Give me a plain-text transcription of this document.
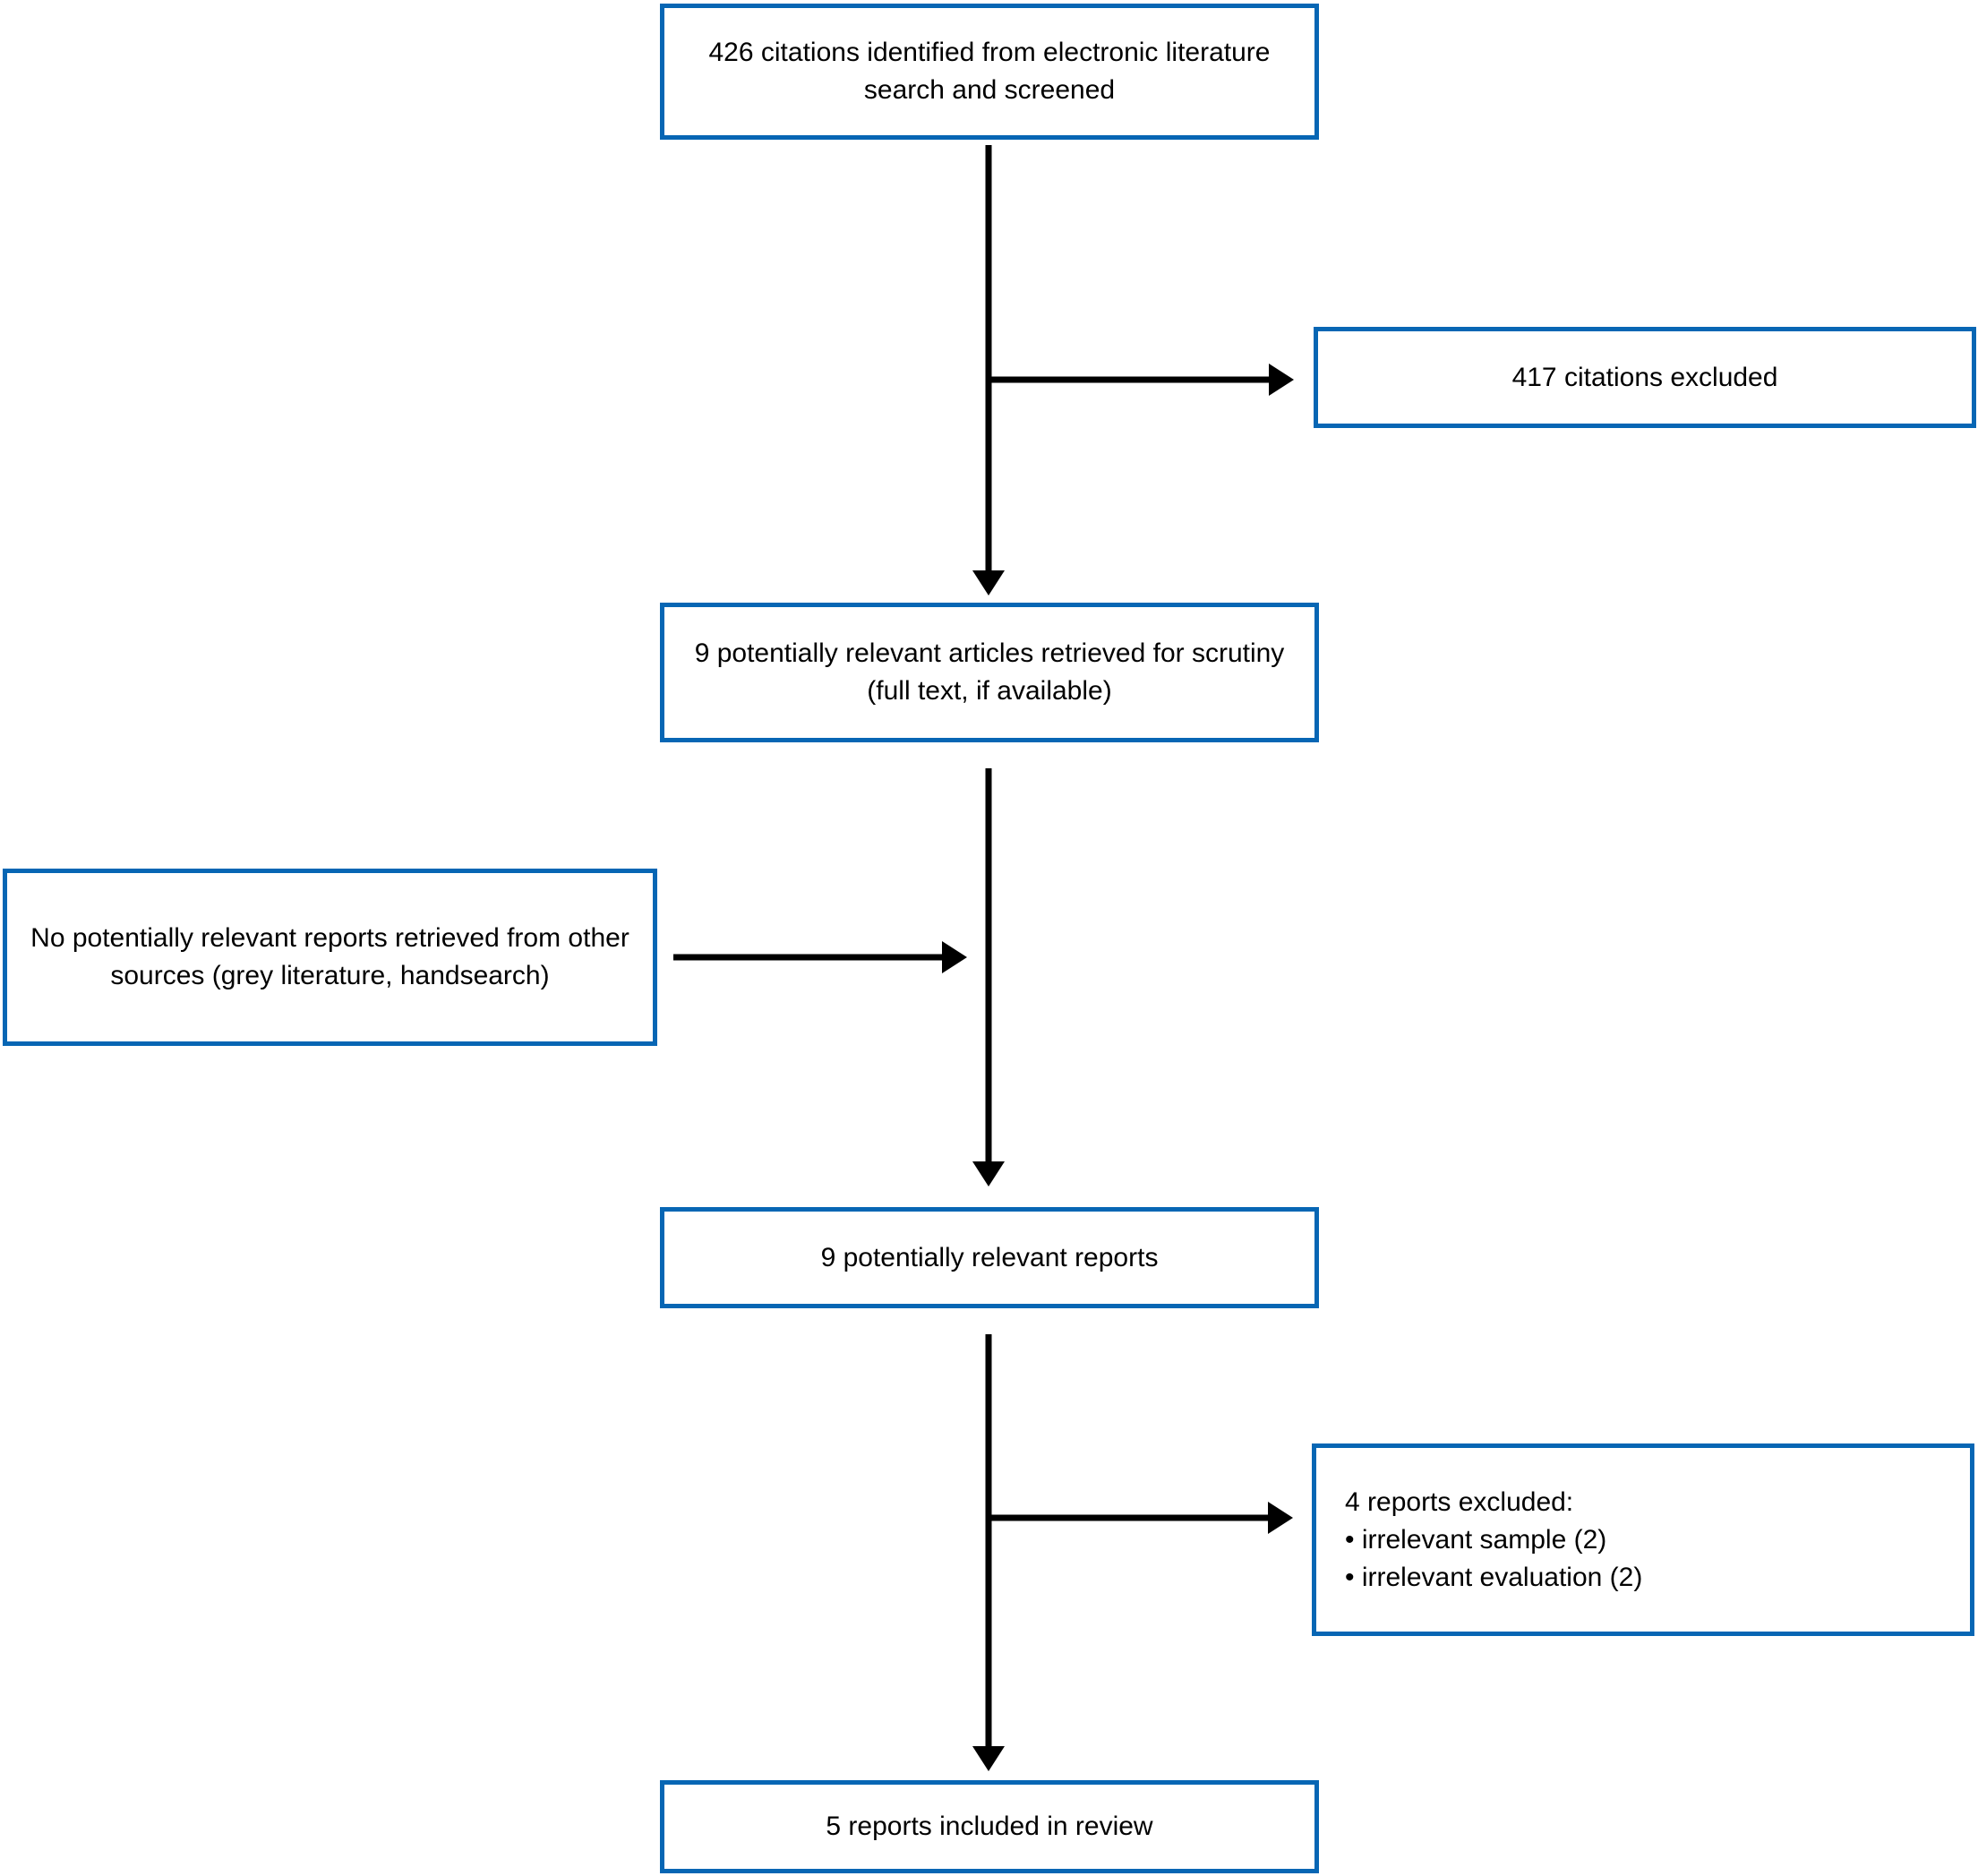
426 citations identified from electronic literature search and screened
417 citations excluded
9 potentially relevant articles retrieved for scrutiny (full text, if available)
No potentially relevant reports retrieved from other sources (grey literature, handsearch)
9 potentially relevant reports
4 reports excluded:
• irrelevant sample (2)
• irrelevant evaluation (2)
5 reports included in review
